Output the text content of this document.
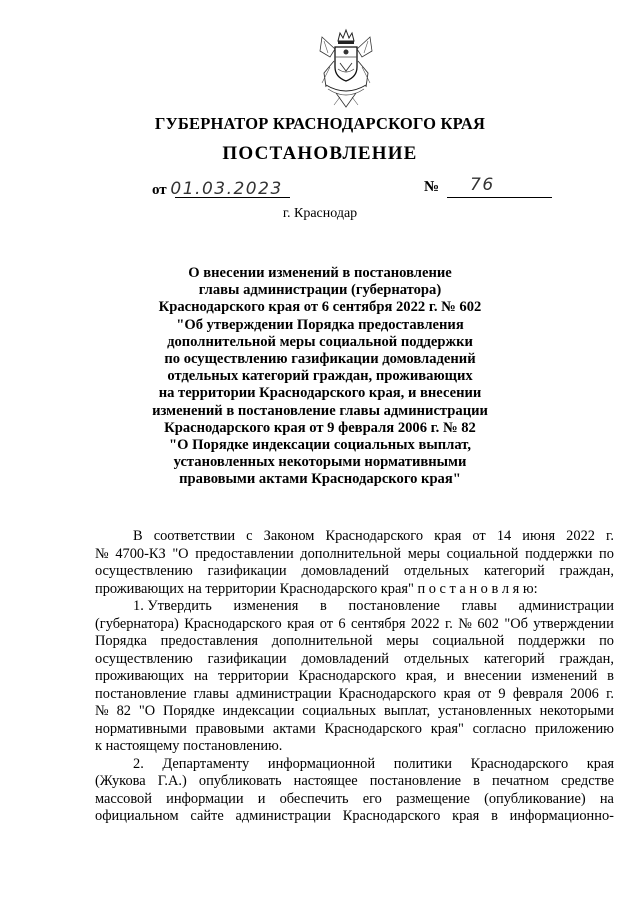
ГУБЕРНАТОР КРАСНОДАРСКОГО КРАЯ
ПОСТАНОВЛЕНИЕ
от 01.03.2023	№ 76
г. Краснодар
О внесении изменений в постановление
главы администрации (губернатора)
Краснодарского края от 6 сентября 2022 г. № 602
"Об утверждении Порядка предоставления
дополнительной меры социальной поддержки
по осуществлению газификации домовладений
отдельных категорий граждан, проживающих
на территории Краснодарского края, и внесении
изменений в постановление главы администрации
Краснодарского края от 9 февраля 2006 г. № 82
"О Порядке индексации социальных выплат,
установленных некоторыми нормативными
правовыми актами Краснодарского края"
В соответствии с Законом Краснодарского края от 14 июня 2022 г.
№ 4700-КЗ "О предоставлении дополнительной меры социальной поддержки по
осуществлению газификации домовладений отдельных категорий граждан,
проживающих на территории Краснодарского края" п о с т а н о в л я ю:
1. Утвердить изменения в постановление главы администрации
(губернатора) Краснодарского края от 6 сентября 2022 г. № 602 "Об утверждении
Порядка предоставления дополнительной меры социальной поддержки по
осуществлению газификации домовладений отдельных категорий граждан,
проживающих на территории Краснодарского края, и внесении изменений в
постановление главы администрации Краснодарского края от 9 февраля 2006 г.
№ 82 "О Порядке индексации социальных выплат, установленных некоторыми
нормативными правовыми актами Краснодарского края" согласно приложению
к настоящему постановлению.
2. Департаменту информационной политики Краснодарского края
(Жукова Г.А.) опубликовать настоящее постановление в печатном средстве
массовой информации и обеспечить его размещение (опубликование) на
официальном сайте администрации Краснодарского края в информационно-
